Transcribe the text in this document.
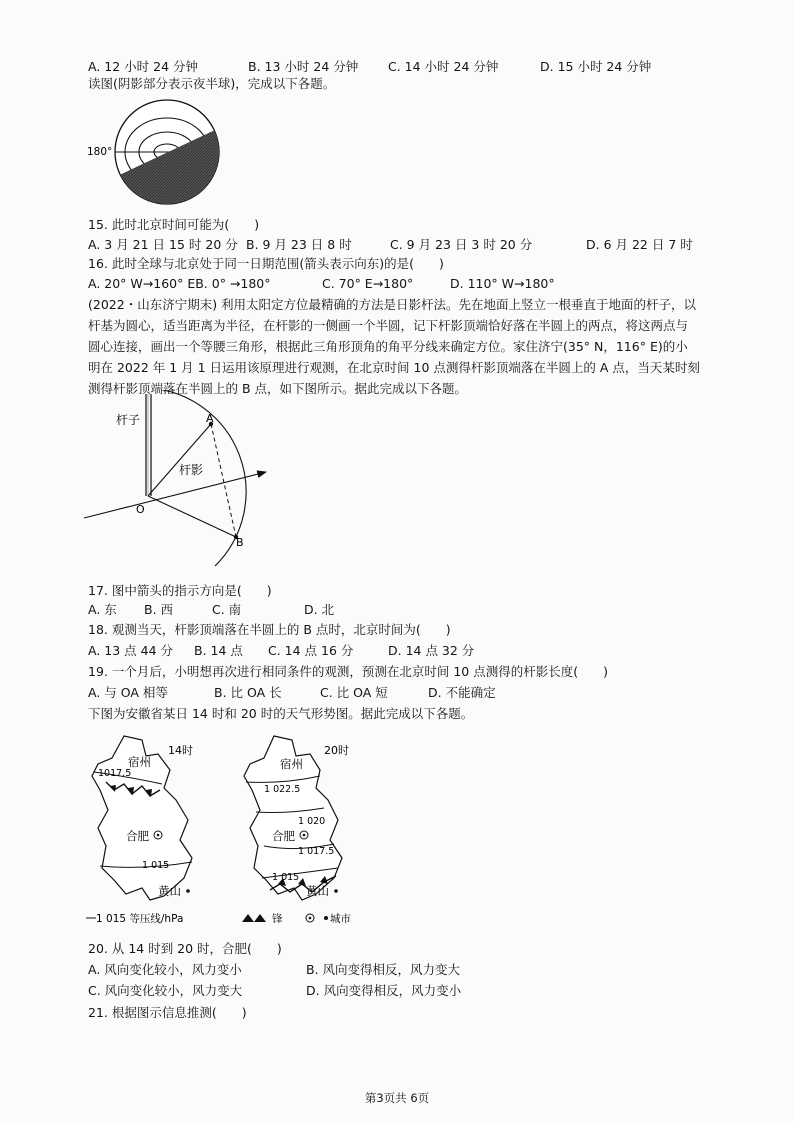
A. 12 小时 24 分钟	B. 13 小时 24 分钟 C. 14 小时 24 分钟	D. 15 小时 24 分钟
读图(阴影部分表示夜半球)，完成以下各题。
180°
15. 此时北京时间可能为(　　)
A. 3 月 21 日 15 时 20 分 B. 9 月 23 日 8 时	C. 9 月 23 日 3 时 20 分	D. 6 月 22 日 7 时
16. 此时全球与北京处于同一日期范围(箭头表示向东)的是(　　)
A. 20° W→160° EB. 0° →180°	C. 70° E→180°	D. 110° W→180°
(2022・山东济宁期末) 利用太阳定方位最精确的方法是日影杆法。先在地面上竖立一根垂直于地面的杆子，以
杆基为圆心，适当距离为半径，在杆影的一侧画一个半圆，记下杆影顶端恰好落在半圆上的两点，将这两点与
圆心连接，画出一个等腰三角形，根据此三角形顶角的角平分线来确定方位。家住济宁(35° N，116° E)的小
明在 2022 年 1 月 1 日运用该原理进行观测，在北京时间 10 点测得杆影顶端落在半圆上的 A 点，当天某时刻
测得杆影顶端落在半圆上的 B 点，如下图所示。据此完成以下各题。
杆子
杆影
A
B
O
17. 图中箭头的指示方向是(　　)
A. 东 B. 西	C. 南	D. 北
18. 观测当天，杆影顶端落在半圆上的 B 点时，北京时间为(　　)
A. 13 点 44 分 B. 14 点 C. 14 点 16 分	D. 14 点 32 分
19. 一个月后，小明想再次进行相同条件的观测，预测在北京时间 10 点测得的杆影长度(　　)
A. 与 OA 相等	B. 比 OA 长	C. 比 OA 短	D. 不能确定
下图为安徽省某日 14 时和 20 时的天气形势图。据此完成以下各题。
14时
宿州
1017.5
合肥
1 015
黄山
20时
宿州
1 022.5
1 020
合肥
1 017.5
1 015
黄山
1 015 等压线/hPa	锋	城市
20. 从 14 时到 20 时，合肥(　　)
A. 风向变化较小，风力变小	B. 风向变得相反，风力变大
C. 风向变化较小，风力变大	D. 风向变得相反，风力变小
21. 根据图示信息推测(　　)
第3页共 6页
